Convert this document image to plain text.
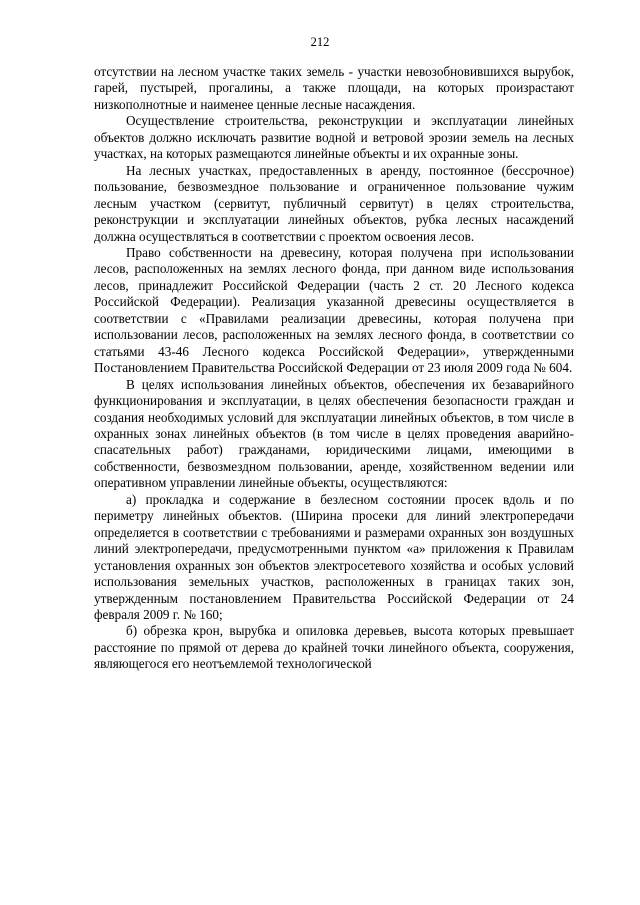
212

отсутствии на лесном участке таких земель - участки невозобновившихся вырубок, гарей, пустырей, прогалины, а также площади, на которых произрастают низкополнотные и наименее ценные лесные насаждения.

Осуществление строительства, реконструкции и эксплуатации линейных объектов должно исключать развитие водной и ветровой эрозии земель на лесных участках, на которых размещаются линейные объекты и их охранные зоны.

На лесных участках, предоставленных в аренду, постоянное (бессрочное) пользование, безвозмездное пользование и ограниченное пользование чужим лесным участком (сервитут, публичный сервитут) в целях строительства, реконструкции и эксплуатации линейных объектов, рубка лесных насаждений должна осуществляться в соответствии с проектом освоения лесов.

Право собственности на древесину, которая получена при использовании лесов, расположенных на землях лесного фонда, при данном виде использования лесов, принадлежит Российской Федерации (часть 2 ст. 20 Лесного кодекса Российской Федерации). Реализация указанной древесины осуществляется в соответствии с «Правилами реализации древесины, которая получена при использовании лесов, расположенных на землях лесного фонда, в соответствии со статьями 43-46 Лесного кодекса Российской Федерации», утвержденными Постановлением Правительства Российской Федерации от 23 июля 2009 года № 604.

В целях использования линейных объектов, обеспечения их безаварийного функционирования и эксплуатации, в целях обеспечения безопасности граждан и создания необходимых условий для эксплуатации линейных объектов, в том числе в охранных зонах линейных объектов (в том числе в целях проведения аварийно-спасательных работ) гражданами, юридическими лицами, имеющими в собственности, безвозмездном пользовании, аренде, хозяйственном ведении или оперативном управлении линейные объекты, осуществляются:

а) прокладка и содержание в безлесном состоянии просек вдоль и по периметру линейных объектов. (Ширина просеки для линий электропередачи определяется в соответствии с требованиями и размерами охранных зон воздушных линий электропередачи, предусмотренными пунктом «а» приложения к Правилам установления охранных зон объектов электросетевого хозяйства и особых условий использования земельных участков, расположенных в границах таких зон, утвержденным постановлением Правительства Российской Федерации от 24 февраля 2009 г. № 160;

б) обрезка крон, вырубка и опиловка деревьев, высота которых превышает расстояние по прямой от дерева до крайней точки линейного объекта, сооружения, являющегося его неотъемлемой технологической
